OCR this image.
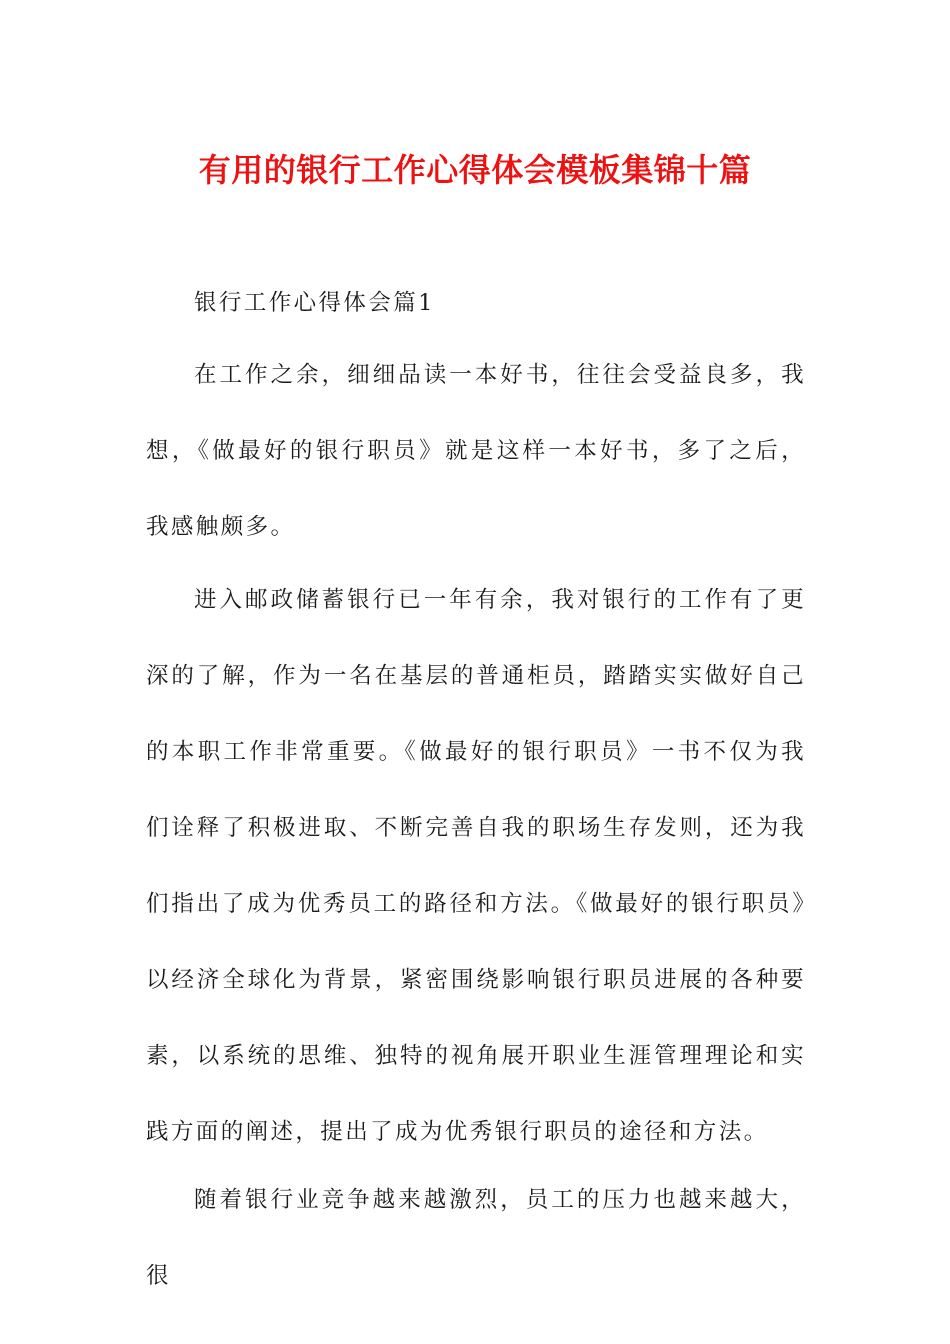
有用的银行工作心得体会模板集锦十篇

银行工作心得体会篇1

在工作之余，细细品读一本好书，往往会受益良多，我想，《做最好的银行职员》就是这样一本好书，多了之后，我感触颇多。

进入邮政储蓄银行已一年有余，我对银行的工作有了更深的了解，作为一名在基层的普通柜员，踏踏实实做好自己的本职工作非常重要。《做最好的银行职员》一书不仅为我们诠释了积极进取、不断完善自我的职场生存发则，还为我们指出了成为优秀员工的路径和方法。《做最好的银行职员》以经济全球化为背景，紧密围绕影响银行职员进展的各种要素，以系统的思维、独特的视角展开职业生涯管理理论和实践方面的阐述，提出了成为优秀银行职员的途径和方法。

随着银行业竞争越来越激烈，员工的压力也越来越大，很
